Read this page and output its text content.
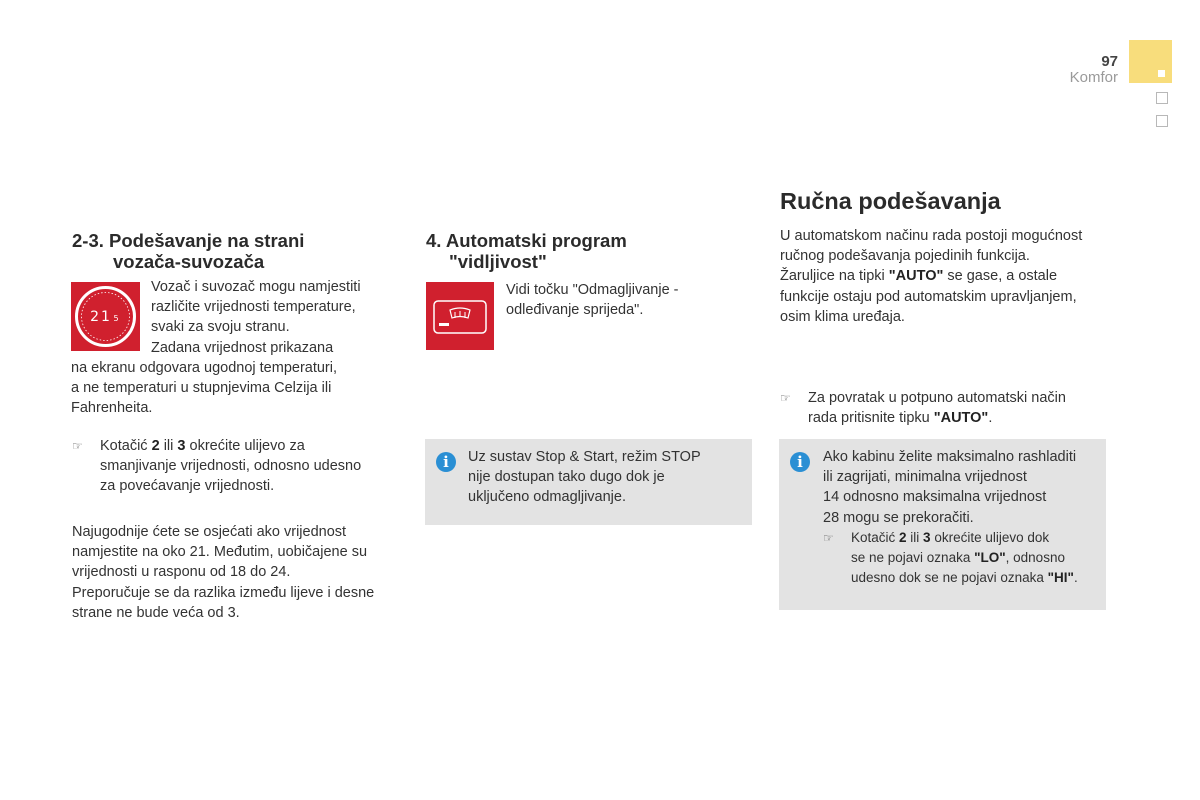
97
Komfor
2-3. Podešavanje na strani
vozača-suvozača
21 5

Vozač i suvozač mogu namjestiti

različite vrijednosti temperature,

svaki za svoju stranu.

Zadana vrijednost prikazana

na ekranu odgovara ugodnoj temperaturi,

a ne temperaturi u stupnjevima Celzija ili

Fahrenheita.

☞ Kotačić 2 ili 3 okrećite ulijevo za

smanjivanje vrijednosti, odnosno udesno

za povećavanje vrijednosti.

Najugodnije ćete se osjećati ako vrijednost

namjestite na oko 21. Međutim, uobičajene su

vrijednosti u rasponu od 18 do 24.

Preporučuje se da razlika između lijeve i desne

strane ne bude veća od 3.

4. Automatski program
"vidljivost"

Vidi točku "Odmagljivanje -

odleđivanje sprijeda".

i	Uz sustav Stop & Start, režim STOP

nije dostupan tako dugo dok je

uključeno odmagljivanje.

Ručna podešavanja

U automatskom načinu rada postoji mogućnost

ručnog podešavanja pojedinih funkcija.

Žaruljice na tipki "AUTO" se gase, a ostale

funkcije ostaju pod automatskim upravljanjem,

osim klima uređaja.

☞ Za povratak u potpuno automatski način

rada pritisnite tipku "AUTO".

i	Ako kabinu želite maksimalno rashladiti

ili zagrijati, minimalna vrijednost

14 odnosno maksimalna vrijednost

28 mogu se prekoračiti.

☞ Kotačić 2 ili 3 okrećite ulijevo dok

se ne pojavi oznaka "LO", odnosno

udesno dok se ne pojavi oznaka "HI".
